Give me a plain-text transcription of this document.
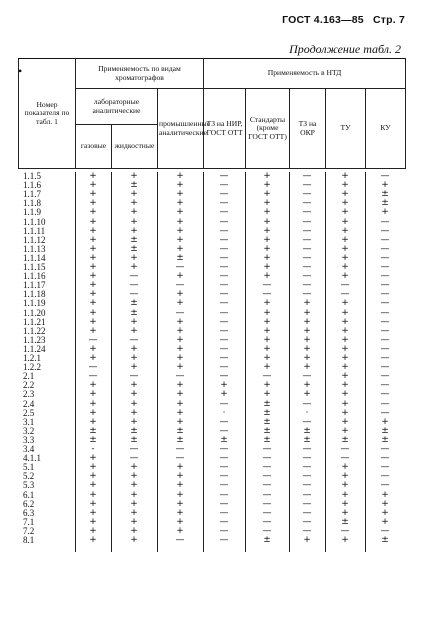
ГОСТ 4.163—85 Стр. 7
Продолжение табл. 2
Номер показателя по табл. 1	Применяемость по видам хроматографов			Применяемость в НТД				
	лабораторные аналитические		промышленные аналитические	ТЗ на НИР, ГОСТ ОТТ	Стандарты (кроме ГОСТ ОТТ)	ТЗ на ОКР	ТУ	КУ
	газовые	жидкостные						
•
1.1.5	+	+	+	—	+	—	+	—
1.1.6	+	±	+	—	+	—	+	+
1.1.7	+	+	+	—	+	—	+	±
1.1.8	+	+	+	—	+	—	+	±
1.1.9	+	+	+	—	+	—	+	+
1.1.10	+	+	+	—	+	—	+	—
1.1.11	+	+	+	—	+	—	+	—
1.1.12	+	±	+	—	+	—	+	—
1.1.13	+	±	+	—	+	—	+	—
1.1.14	+	+	±	—	+	—	+	—
1.1.15	+	+	—	—	+	—	+	—
1.1.16	+	—	+	—	+	—	+	—
1.1.17	+	—	—	—	—	—	—	—
1.1.18	+	—	+	—	—	—	—	—
1.1.19	+	±	+	—	+	+	+	—
1.1.20	+	±	—	—	+	+	+	—
1.1.21	+	+	+	—	+	+	+	—
1.1.22	+	+	+	—	+	+	+	—
1.1.23	—	—	+	—	+	+	+	—
1.1.24	+	+	+	—	+	+	+	—
1.2.1	+	+	+	—	+	+	+	—
1.2.2	—	+	+	—	+	+	+	—
2.1	—	—	—	—	—	—	+	—
2.2	+	+	+	+	+	+	+	—
2.3	+	+	+	+	+	+	+	—
2.4	+	+	+	—	±	—	+	—
2.5	+	+	+	·	±	·	+	—
3.1	+	+	+	—	±	—	+	+
3.2	±	±	±	—	±	±	+	±
3.3	±	±	±	±	±	±	±	±
3.4	-	—	—	—	—	—	—	—
4.1.1	+	—	—	—	—	—	—	—
5.1	+	+	+	—	—	—	+	—
5.2	+	+	+	—	—	—	+	—
5.3	+	+	+	—	—	—	+	—
6.1	+	+	+	—	—	—	+	+
6.2	+	+	+	—	—	—	+	+
6.3	+	+	+	—	—	—	+	+
7.1	+	+	+	—	—	—	±	+
7.2	+	+	+	—	—	—	—	—
8.1	+	+	—	—	±	+	+	±
